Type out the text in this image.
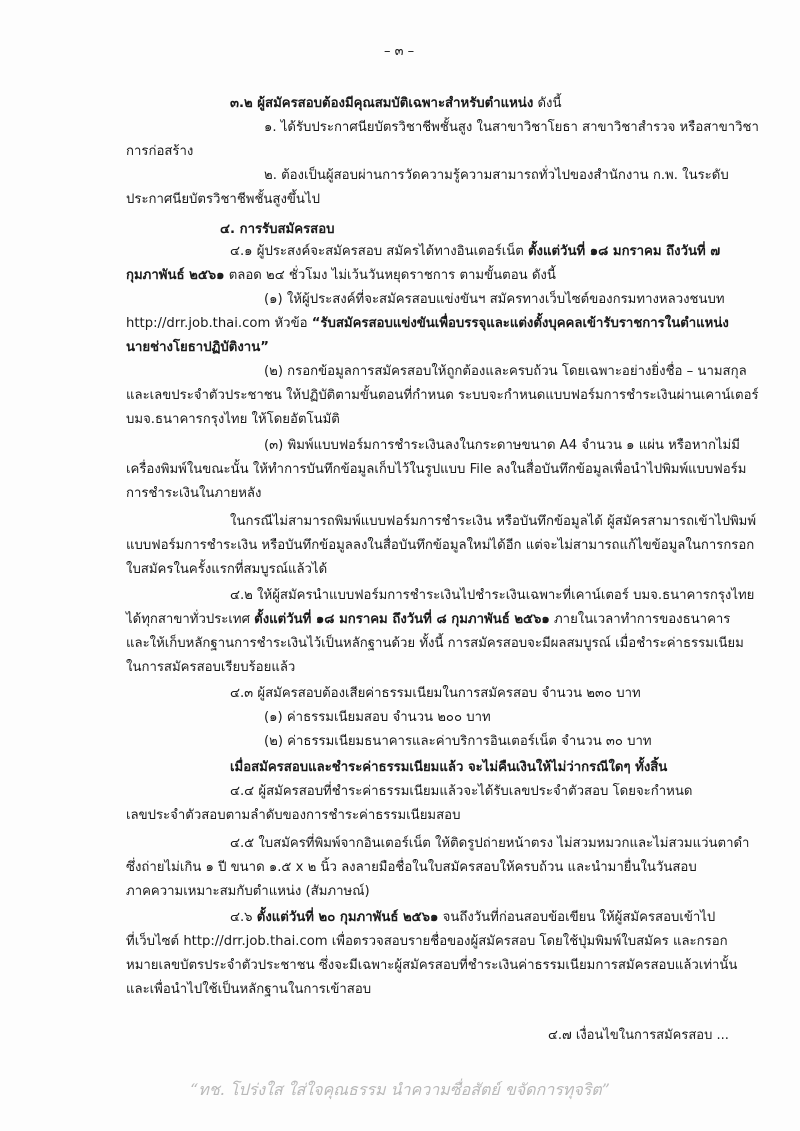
– ๓ –
๓.๒ ผู้สมัครสอบต้องมีคุณสมบัติเฉพาะสำหรับตำแหน่ง ดังนี้
๑. ได้รับประกาศนียบัตรวิชาชีพชั้นสูง ในสาขาวิชาโยธา สาขาวิชาสำรวจ หรือสาขาวิชา
การก่อสร้าง
๒. ต้องเป็นผู้สอบผ่านการวัดความรู้ความสามารถทั่วไปของสำนักงาน ก.พ. ในระดับ
ประกาศนียบัตรวิชาชีพชั้นสูงขึ้นไป
๔. การรับสมัครสอบ
๔.๑ ผู้ประสงค์จะสมัครสอบ สมัครได้ทางอินเตอร์เน็ต ตั้งแต่วันที่ ๑๘ มกราคม ถึงวันที่ ๗
กุมภาพันธ์ ๒๕๖๑ ตลอด ๒๔ ชั่วโมง ไม่เว้นวันหยุดราชการ ตามขั้นตอน ดังนี้
(๑) ให้ผู้ประสงค์ที่จะสมัครสอบแข่งขันฯ สมัครทางเว็บไซต์ของกรมทางหลวงชนบท
http://drr.job.thai.com หัวข้อ “รับสมัครสอบแข่งขันเพื่อบรรจุและแต่งตั้งบุคคลเข้ารับราชการในตำแหน่ง
นายช่างโยธาปฏิบัติงาน”
(๒) กรอกข้อมูลการสมัครสอบให้ถูกต้องและครบถ้วน โดยเฉพาะอย่างยิ่งชื่อ – นามสกุล
และเลขประจำตัวประชาชน ให้ปฏิบัติตามขั้นตอนที่กำหนด ระบบจะกำหนดแบบฟอร์มการชำระเงินผ่านเคาน์เตอร์
บมจ.ธนาคารกรุงไทย ให้โดยอัตโนมัติ
(๓) พิมพ์แบบฟอร์มการชำระเงินลงในกระดาษขนาด A4 จำนวน ๑ แผ่น หรือหากไม่มี
เครื่องพิมพ์ในขณะนั้น ให้ทำการบันทึกข้อมูลเก็บไว้ในรูปแบบ File ลงในสื่อบันทึกข้อมูลเพื่อนำไปพิมพ์แบบฟอร์ม
การชำระเงินในภายหลัง
ในกรณีไม่สามารถพิมพ์แบบฟอร์มการชำระเงิน หรือบันทึกข้อมูลได้ ผู้สมัครสามารถเข้าไปพิมพ์
แบบฟอร์มการชำระเงิน หรือบันทึกข้อมูลลงในสื่อบันทึกข้อมูลใหม่ได้อีก แต่จะไม่สามารถแก้ไขข้อมูลในการกรอก
ใบสมัครในครั้งแรกที่สมบูรณ์แล้วได้
๔.๒ ให้ผู้สมัครนำแบบฟอร์มการชำระเงินไปชำระเงินเฉพาะที่เคาน์เตอร์ บมจ.ธนาคารกรุงไทย
ได้ทุกสาขาทั่วประเทศ ตั้งแต่วันที่ ๑๘ มกราคม ถึงวันที่ ๘ กุมภาพันธ์ ๒๕๖๑ ภายในเวลาทำการของธนาคาร
และให้เก็บหลักฐานการชำระเงินไว้เป็นหลักฐานด้วย ทั้งนี้ การสมัครสอบจะมีผลสมบูรณ์ เมื่อชำระค่าธรรมเนียม
ในการสมัครสอบเรียบร้อยแล้ว
๔.๓ ผู้สมัครสอบต้องเสียค่าธรรมเนียมในการสมัครสอบ จำนวน ๒๓๐ บาท
(๑) ค่าธรรมเนียมสอบ จำนวน ๒๐๐ บาท
(๒) ค่าธรรมเนียมธนาคารและค่าบริการอินเตอร์เน็ต จำนวน ๓๐ บาท
เมื่อสมัครสอบและชำระค่าธรรมเนียมแล้ว จะไม่คืนเงินให้ไม่ว่ากรณีใดๆ ทั้งสิ้น
๔.๔ ผู้สมัครสอบที่ชำระค่าธรรมเนียมแล้วจะได้รับเลขประจำตัวสอบ โดยจะกำหนด
เลขประจำตัวสอบตามลำดับของการชำระค่าธรรมเนียมสอบ
๔.๕ ใบสมัครที่พิมพ์จากอินเตอร์เน็ต ให้ติดรูปถ่ายหน้าตรง ไม่สวมหมวกและไม่สวมแว่นตาดำ
ซึ่งถ่ายไม่เกิน ๑ ปี ขนาด ๑.๕ x ๒ นิ้ว ลงลายมือชื่อในใบสมัครสอบให้ครบถ้วน และนำมายื่นในวันสอบ
ภาคความเหมาะสมกับตำแหน่ง (สัมภาษณ์)
๔.๖ ตั้งแต่วันที่ ๒๐ กุมภาพันธ์ ๒๕๖๑ จนถึงวันที่ก่อนสอบข้อเขียน ให้ผู้สมัครสอบเข้าไป
ที่เว็บไซต์ http://drr.job.thai.com เพื่อตรวจสอบรายชื่อของผู้สมัครสอบ โดยใช้ปุ่มพิมพ์ใบสมัคร และกรอก
หมายเลขบัตรประจำตัวประชาชน ซึ่งจะมีเฉพาะผู้สมัครสอบที่ชำระเงินค่าธรรมเนียมการสมัครสอบแล้วเท่านั้น
และเพื่อนำไปใช้เป็นหลักฐานในการเข้าสอบ
๔.๗ เงื่อนไขในการสมัครสอบ ...
“ทช. โปร่งใส ใส่ใจคุณธรรม นำความซื่อสัตย์ ขจัดการทุจริต”
